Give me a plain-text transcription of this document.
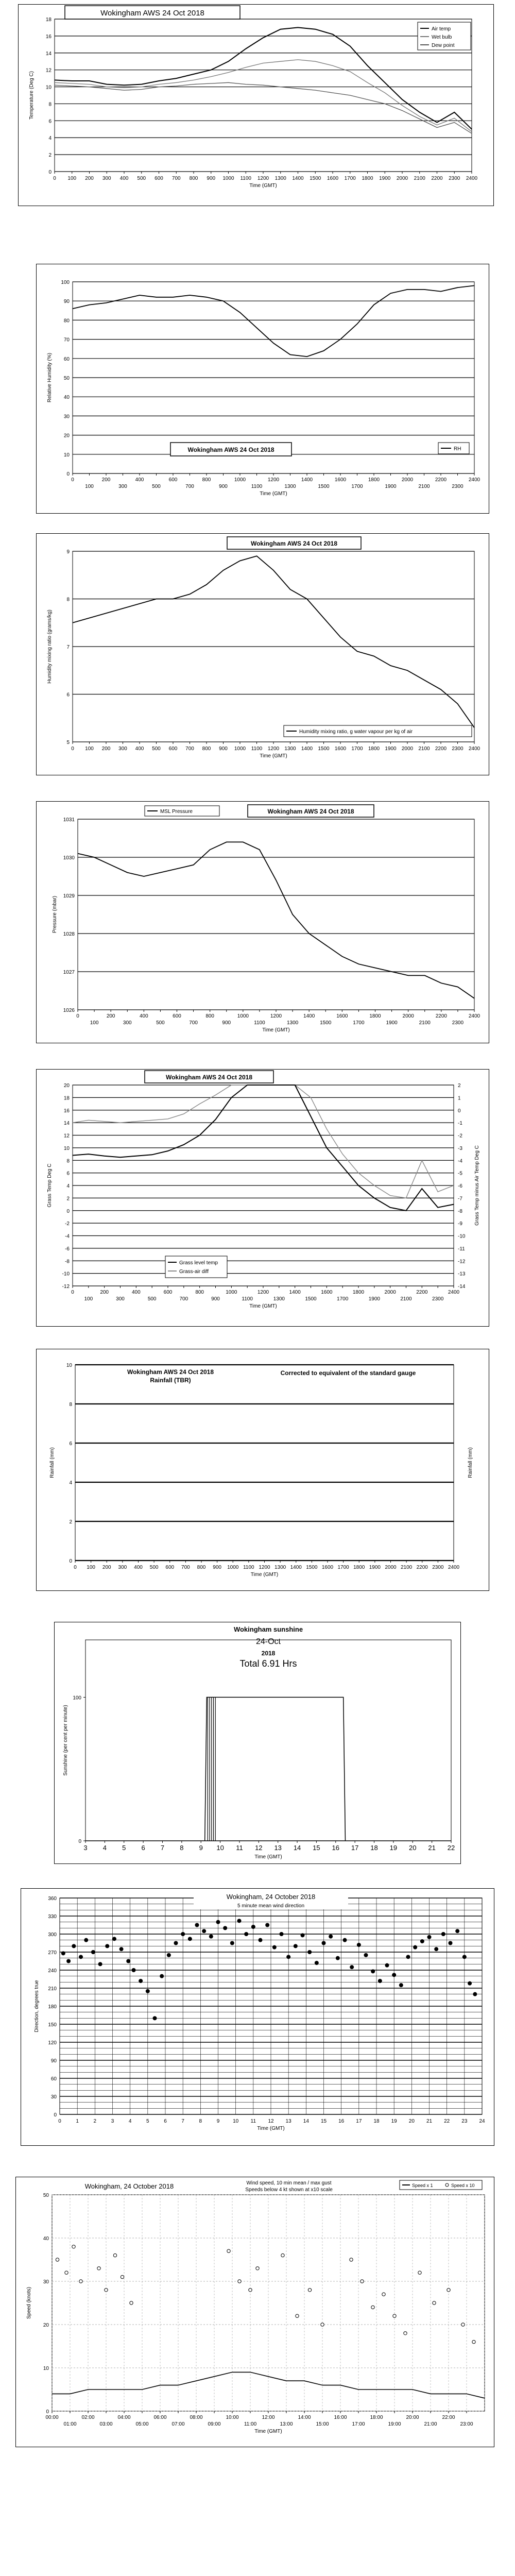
0
2
4
6
8
10
12
14
16
18
0 100 200 300 400 500 600 700 800 900 1000 1100 1200 1300 1400 1500 1600 1700 1800 1900 2000 2100 2200 2300 2400
Time (GMT)
Temperature (Deg C)
Wokingham AWS 24 Oct 2018
Air temp
Wet bulb
Dew point
0
10
20
30
40
50
60
70
80
90
100
0	200	400	600	800	1000	1200	1400	1600	1800	2000	2200	2400
100	300	500	700	900	1100	1300	1500	1700	1900	2100	2300
Time (GMT)
Relative Humidity (%)
Wokingham AWS 24 Oct 2018	RH
5
6
7
8
9
0 100 200 300 400 500 600 700 800 900 1000 1100 1200 1300 1400 1500 1600 1700 1800 1900 2000 2100 2200 2300 2400
Time (GMT)
Humidity mixing ratio (grams/kg)
Wokingham AWS 24 Oct 2018
Humidity mixing ratio, g water vapour per kg of air
1026
1027
1028
1029
1030
1031
0	200	400	600	800	1000	1200	1400	1600	1800	2000	2200	2400
100	300	500	700	900	1100	1300	1500	1700	1900	2100	2300
Time (GMT)
Pressure (mbar)
Wokingham AWS 24 Oct 2018
MSL Pressure
-12
-10
-8
-6
-4
-2
0
2
4
6
8
10
12
14
16
18
20
-14
-13
-12
-11
-10
-9
-8
-7
-6
-5
-4
-3
-2
-1
0
1
2
Grass Temp minus Air Temp Deg C
0	200	400	600	800	1000	1200	1400	1600	1800	2000	2200	2400
100	300	500	700	900	1100	1300	1500	1700	1900	2100	2300
Time (GMT)
Grass Temp Deg C
Wokingham AWS 24 Oct 2018
Grass level temp
Grass-air diff
0
2
4
6
8
10
0 100 200 300 400 500 600 700 800 900 1000 1100 1200 1300 1400 1500 1600 1700 1800 1900 2000 2100 2200 2300 2400
Time (GMT)
Rainfall (mm)	Rainfall (mm)
Wokingham AWS 24 Oct 2018
Rainfall (TBR)
Corrected to equivalent of the standard gauge
0
100
3 4 5 6 7 8 9 10 11 12 13 14 15 16 17 18 19 20 21 22
Time (GMT)
Sunshine (per cent per minute)
Wokingham sunshine
24-Oct
2018
Total 6.91 Hrs
0
30
60
90
120
150
180
210
240
270
300
330
360
0	1	2	3	4	5	6	7	8	9	10 11 12 13 14 15 16 17 18 19 20 21 22 23 24
Time (GMT)
Direction, degrees true
Wokingham, 24 October 2018
5 minute mean wind direction
0
10
20
30
40
50
00:00	02:00	04:00	06:00	08:00	10:00	12:00	14:00	16:00	18:00	20:00	22:00
01:00	03:00	05:00	07:00	09:00	11:00	13:00	15:00	17:00	19:00	21:00	23:00
Time (GMT)
Speed (knots)
Wokingham, 24 October 2018	Wind speed, 10 min mean / max gust
Speeds below 4 kt shown at x10 scale
Speed x 1	Speed x 10
